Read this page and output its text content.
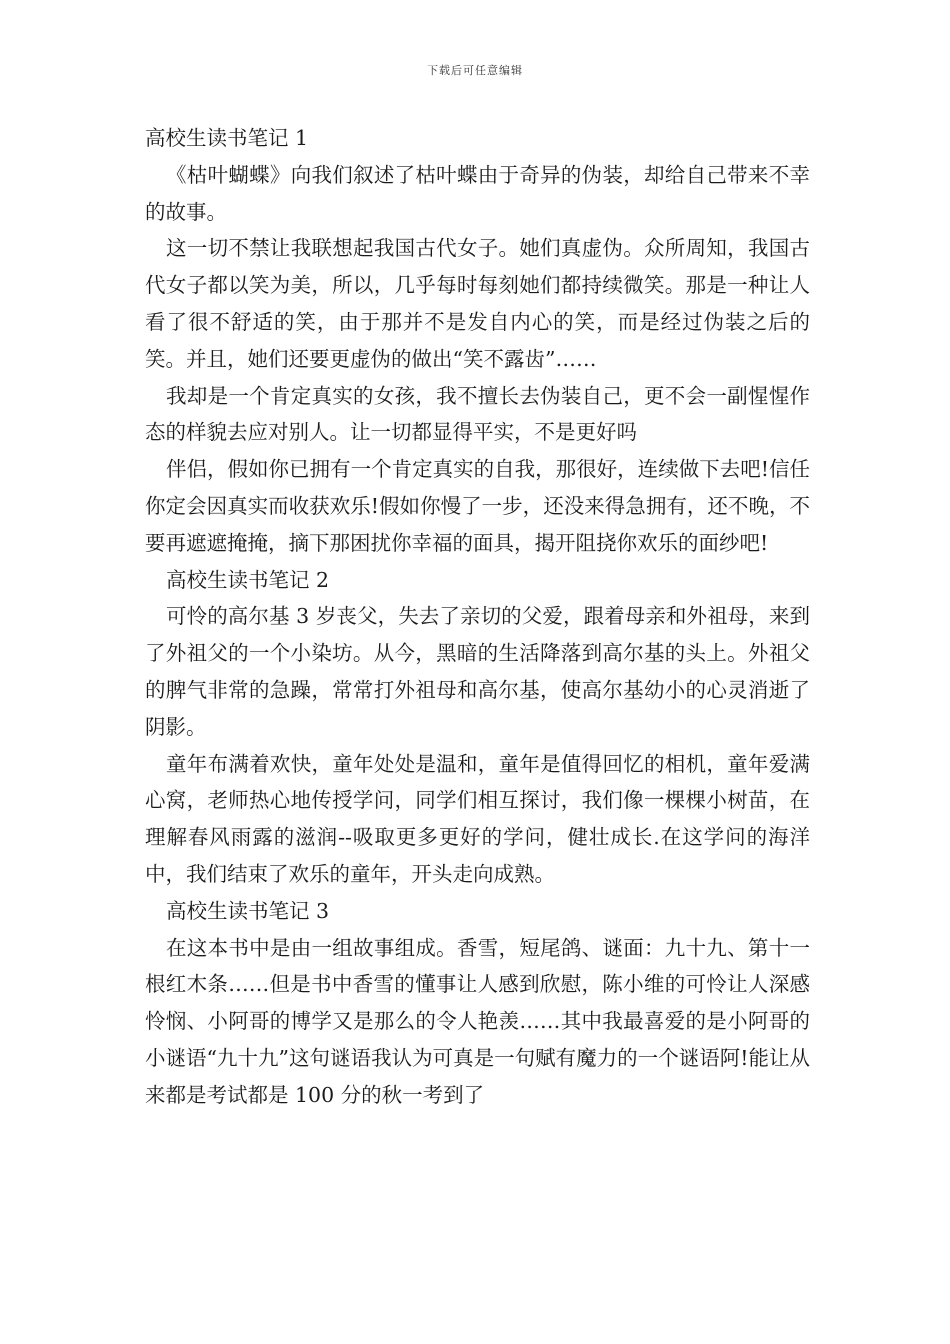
下载后可任意编辑

高校生读书笔记 1

《枯叶蝴蝶》向我们叙述了枯叶蝶由于奇异的伪装，却给自己带来不幸的故事。

这一切不禁让我联想起我国古代女子。她们真虚伪。众所周知，我国古代女子都以笑为美，所以，几乎每时每刻她们都持续微笑。那是一种让人看了很不舒适的笑，由于那并不是发自内心的笑，而是经过伪装之后的笑。并且，她们还要更虚伪的做出“笑不露齿”……

我却是一个肯定真实的女孩，我不擅长去伪装自己，更不会一副惺惺作态的样貌去应对别人。让一切都显得平实，不是更好吗

伴侣，假如你已拥有一个肯定真实的自我，那很好，连续做下去吧!信任你定会因真实而收获欢乐!假如你慢了一步，还没来得急拥有，还不晚，不要再遮遮掩掩，摘下那困扰你幸福的面具，揭开阻挠你欢乐的面纱吧!

高校生读书笔记 2

可怜的高尔基 3 岁丧父，失去了亲切的父爱，跟着母亲和外祖母，来到了外祖父的一个小染坊。从今，黑暗的生活降落到高尔基的头上。外祖父的脾气非常的急躁，常常打外祖母和高尔基，使高尔基幼小的心灵消逝了阴影。

童年布满着欢快，童年处处是温和，童年是值得回忆的相机，童年爱满心窝，老师热心地传授学问，同学们相互探讨，我们像一棵棵小树苗，在理解春风雨露的滋润--吸取更多更好的学问，健壮成长.在这学问的海洋中，我们结束了欢乐的童年，开头走向成熟。

高校生读书笔记 3

在这本书中是由一组故事组成。香雪，短尾鸽、谜面：九十九、第十一根红木条……但是书中香雪的懂事让人感到欣慰，陈小维的可怜让人深感怜悯、小阿哥的博学又是那么的令人艳羡……其中我最喜爱的是小阿哥的小谜语“九十九”这句谜语我认为可真是一句赋有魔力的一个谜语阿!能让从来都是考试都是 100 分的秋一考到了
